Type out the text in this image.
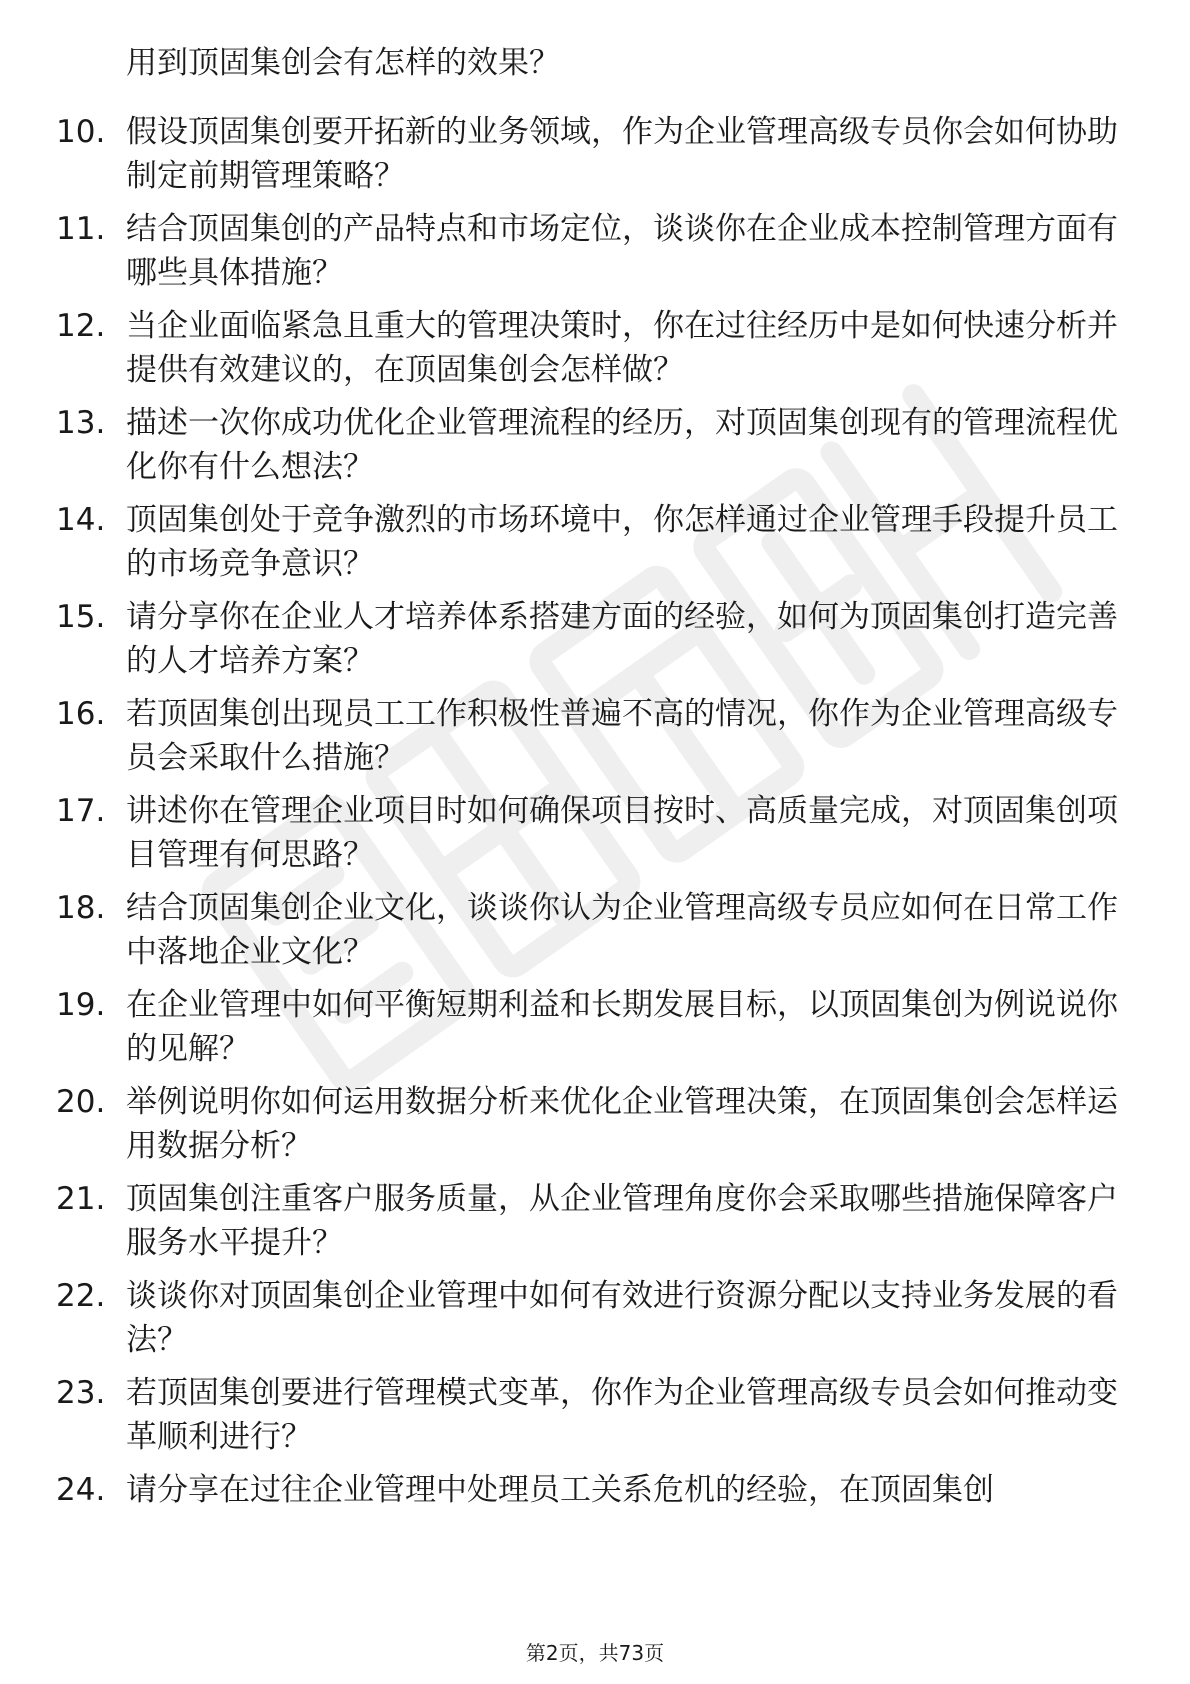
用到顶固集创会有怎样的效果？

10. 假设顶固集创要开拓新的业务领域，作为企业管理高级专员你会如何协助制定前期管理策略？

11. 结合顶固集创的产品特点和市场定位，谈谈你在企业成本控制管理方面有哪些具体措施？

12. 当企业面临紧急且重大的管理决策时，你在过往经历中是如何快速分析并提供有效建议的，在顶固集创会怎样做？

13. 描述一次你成功优化企业管理流程的经历，对顶固集创现有的管理流程优化你有什么想法？

14. 顶固集创处于竞争激烈的市场环境中，你怎样通过企业管理手段提升员工的市场竞争意识？

15. 请分享你在企业人才培养体系搭建方面的经验，如何为顶固集创打造完善的人才培养方案？

16. 若顶固集创出现员工工作积极性普遍不高的情况，你作为企业管理高级专员会采取什么措施？

17. 讲述你在管理企业项目时如何确保项目按时、高质量完成，对顶固集创项目管理有何思路？

18. 结合顶固集创企业文化，谈谈你认为企业管理高级专员应如何在日常工作中落地企业文化？

19. 在企业管理中如何平衡短期利益和长期发展目标，以顶固集创为例说说你的见解？

20. 举例说明你如何运用数据分析来优化企业管理决策，在顶固集创会怎样运用数据分析？

21. 顶固集创注重客户服务质量，从企业管理角度你会采取哪些措施保障客户服务水平提升？

22. 谈谈你对顶固集创企业管理中如何有效进行资源分配以支持业务发展的看法？

23. 若顶固集创要进行管理模式变革，你作为企业管理高级专员会如何推动变革顺利进行？

24. 请分享在过往企业管理中处理员工关系危机的经验，在顶固集创

第2页，共73页
